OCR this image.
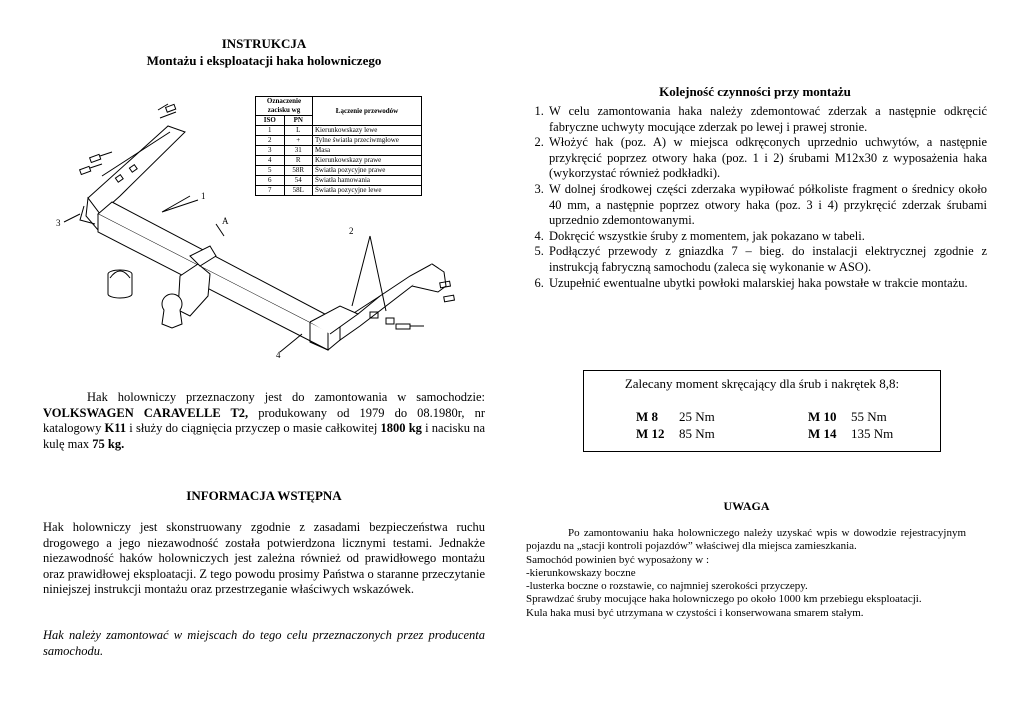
INSTRUKCJA
Montażu i eksploatacji haka holowniczego
1
2
3
4
A
Oznaczenie zacisku wg		Łączenie przewodów
ISO	PN	
1	L	Kierunkowskazy lewe
2	+	Tylne światła przeciwmgłowe
3	31	Masa
4	R	Kierunkowskazy prawe
5	58R	Światła pozycyjne prawe
6	54	Światła hamowania
7	58L	Światła pozycyjne lewe
Hak holowniczy przeznaczony jest do zamontowania w samochodzie: VOLKSWAGEN CARAVELLE T2, produkowany od 1979 do 08.1980r, nr katalogowy K11 i służy do ciągnięcia przyczep o masie całkowitej 1800 kg i nacisku na kulę max 75 kg.
INFORMACJA WSTĘPNA
Hak holowniczy jest skonstruowany zgodnie z zasadami bezpieczeństwa ruchu drogowego a jego niezawodność została potwierdzona licznymi testami. Jednakże niezawodność haków holowniczych jest zależna również od prawidłowego montażu oraz prawidłowej eksploatacji. Z tego powodu prosimy Państwa o staranne przeczytanie niniejszej instrukcji montażu oraz przestrzeganie właściwych wskazówek.
Hak należy zamontować w miejscach do tego celu przeznaczonych przez producenta samochodu.
Kolejność czynności przy montażu
1. W celu zamontowania haka należy zdemontować zderzak a następnie odkręcić fabryczne uchwyty mocujące zderzak po lewej i prawej stronie.
2. Włożyć hak (poz. A) w miejsca odkręconych uprzednio uchwytów, a następnie przykręcić poprzez otwory haka (poz. 1 i 2) śrubami M12x30 z wyposażenia haka (wykorzystać również podkładki).
3. W dolnej środkowej części zderzaka wypiłować półkoliste fragment o średnicy około 40 mm, a następnie poprzez otwory haka (poz. 3 i 4) przykręcić zderzak śrubami uprzednio zdemontowanymi.
4. Dokręcić wszystkie śruby z momentem, jak pokazano w tabeli.
5. Podłączyć przewody z gniazdka 7 – bieg. do instalacji elektrycznej zgodnie z instrukcją fabryczną samochodu (zaleca się wykonanie w ASO).
6. Uzupełnić ewentualne ubytki powłoki malarskiej haka powstałe w trakcie montażu.
Zalecany moment skręcający dla śrub i nakrętek 8,8:
M 8 25 Nm	M 10 55 Nm
M 12 85 Nm	M 14 135 Nm
UWAGA
Po zamontowaniu haka holowniczego należy uzyskać wpis w dowodzie rejestracyjnym pojazdu na „stacji kontroli pojazdów” właściwej dla miejsca zamieszkania.
Samochód powinien być wyposażony w :
-kierunkowskazy boczne
-lusterka boczne o rozstawie, co najmniej szerokości przyczepy.
Sprawdzać śruby mocujące haka holowniczego po około 1000 km przebiegu eksploatacji.
Kula haka musi być utrzymana w czystości i konserwowana smarem stałym.
